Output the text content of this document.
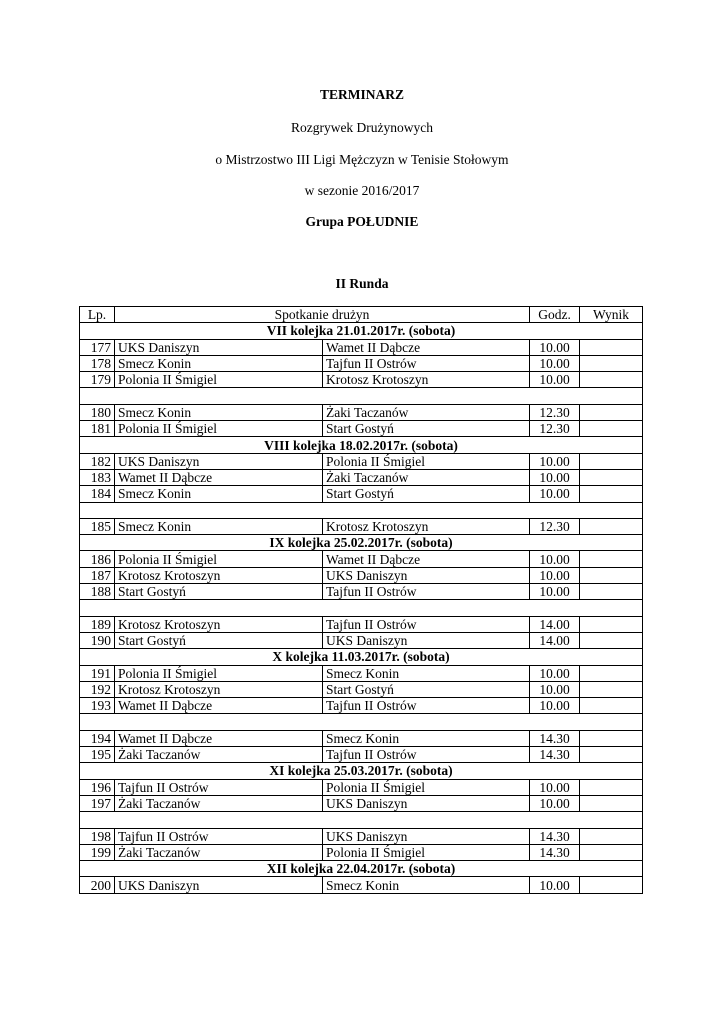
TERMINARZ
Rozgrywek Drużynowych
o Mistrzostwo III Ligi Mężczyzn w Tenisie Stołowym
w sezonie 2016/2017
Grupa POŁUDNIE
II Runda
Lp.	Spotkanie drużyn		Godz.	Wynik
VII kolejka 21.01.2017r. (sobota)				
177	UKS Daniszyn	Wamet II Dąbcze	10.00	
178	Smecz Konin	Tajfun II Ostrów	10.00	
179	Polonia II Śmigiel	Krotosz Krotoszyn	10.00	

180	Smecz Konin	Żaki Taczanów	12.30	
181	Polonia II Śmigiel	Start Gostyń	12.30	
VIII kolejka 18.02.2017r. (sobota)				
182	UKS Daniszyn	Polonia II Śmigiel	10.00	
183	Wamet II Dąbcze	Żaki Taczanów	10.00	
184	Smecz Konin	Start Gostyń	10.00	

185	Smecz Konin	Krotosz Krotoszyn	12.30	
IX kolejka 25.02.2017r. (sobota)				
186	Polonia II Śmigiel	Wamet II Dąbcze	10.00	
187	Krotosz Krotoszyn	UKS Daniszyn	10.00	
188	Start Gostyń	Tajfun II Ostrów	10.00	

189	Krotosz Krotoszyn	Tajfun II Ostrów	14.00	
190	Start Gostyń	UKS Daniszyn	14.00	
X kolejka 11.03.2017r. (sobota)				
191	Polonia II Śmigiel	Smecz Konin	10.00	
192	Krotosz Krotoszyn	Start Gostyń	10.00	
193	Wamet II Dąbcze	Tajfun II Ostrów	10.00	

194	Wamet II Dąbcze	Smecz Konin	14.30	
195	Żaki Taczanów	Tajfun II Ostrów	14.30	
XI kolejka 25.03.2017r. (sobota)				
196	Tajfun II Ostrów	Polonia II Śmigiel	10.00	
197	Żaki Taczanów	UKS Daniszyn	10.00	

198	Tajfun II Ostrów	UKS Daniszyn	14.30	
199	Żaki Taczanów	Polonia II Śmigiel	14.30	
XII kolejka 22.04.2017r. (sobota)				
200	UKS Daniszyn	Smecz Konin	10.00	
